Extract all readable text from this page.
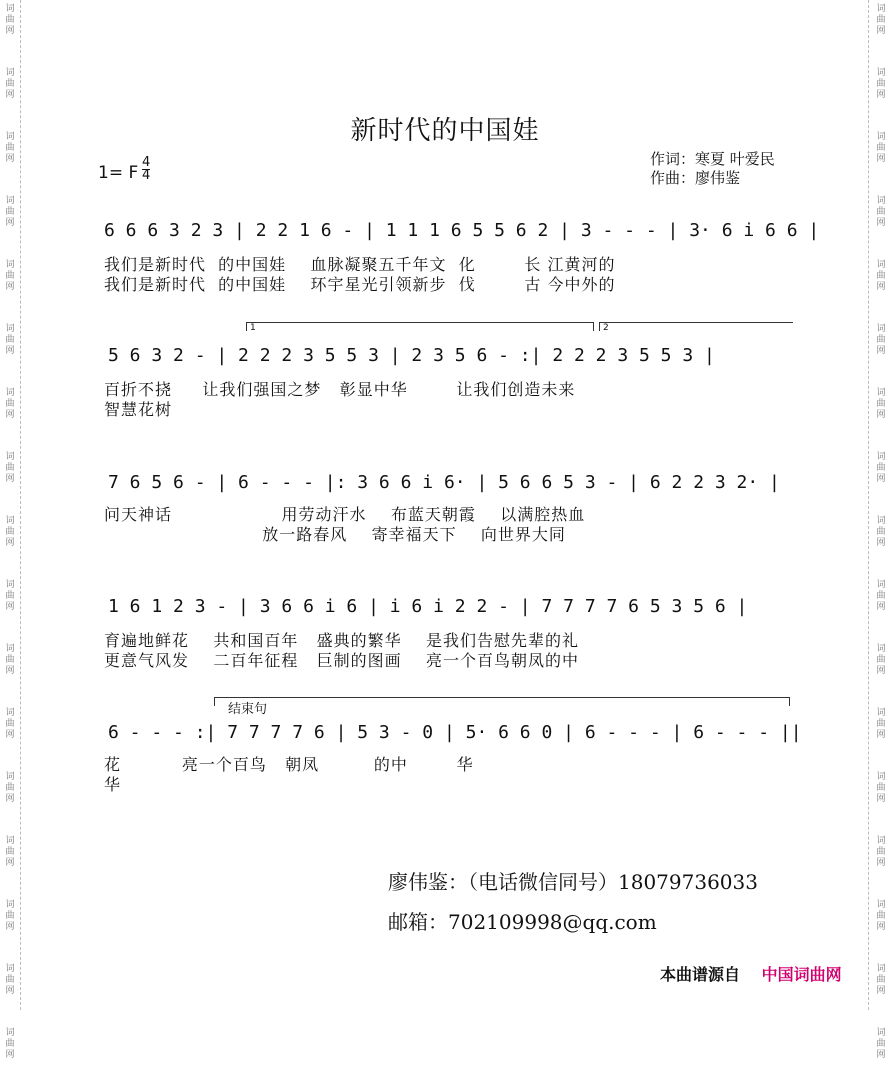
词
曲
网
词
曲
网
词
曲
网
词
曲
网
词
曲
网
词
曲
网
词
曲
网
词
曲
网
词
曲
网
词
曲
网
词
曲
网
词
曲
网
词
曲
网
词
曲
网
词
曲
网
词
曲
网
词
曲
网
词
曲
网
词
曲
网
词
曲
网
词
曲
网
词
曲
网
词
曲
网
词
曲
网
词
曲
网
词
曲
网
词
曲
网
词
曲
网
词
曲
网
词
曲
网
词
曲
网
词
曲
网
词
曲
网
词
曲
网
新时代的中国娃
1= F
4
4
作词：寒夏 叶爱民
作曲：廖伟鉴
6 6 6 3 2 3 | 2 2 1 6 - | 1 1 1 6 5 5 6 2 | 3 - - - | 3· 6 i 6 6 |
我们是新时代  的中国娃    血脉凝聚五千年文  化        长 江黄河的
我们是新时代  的中国娃    环宇星光引领新步  伐        古 今中外的
1	2
5 6 3 2 - | 2 2 2 3 5 5 3 | 2 3 5 6 - :| 2 2 2 3 5 5 3 |
百折不挠     让我们强国之梦   彰显中华        让我们创造未来
智慧花树
7 6 5 6 - | 6 - - - |: 3 6 6 i 6· | 5 6 6 5 3 - | 6 2 2 3 2· |
问天神话                  用劳动汗水    布蓝天朝霞    以满腔热血
放一路春风    寄幸福天下    向世界大同
1 6 1 2 3 - | 3 6 6 i 6 | i 6 i 2 2 - | 7 7 7 7 6 5 3 5 6 |
育遍地鲜花    共和国百年   盛典的繁华    是我们告慰先辈的礼
更意气风发    二百年征程   巨制的图画    亮一个百鸟朝凤的中
结束句
6 - - - :| 7 7 7 7 6 | 5 3 - 0 | 5· 6 6 0 | 6 - - - | 6 - - - ||
花          亮一个百鸟   朝凤         的中        华
华
廖伟鉴：（电话微信同号）18079736033
邮箱：702109998@qq.com
本曲谱源自 中国词曲网
